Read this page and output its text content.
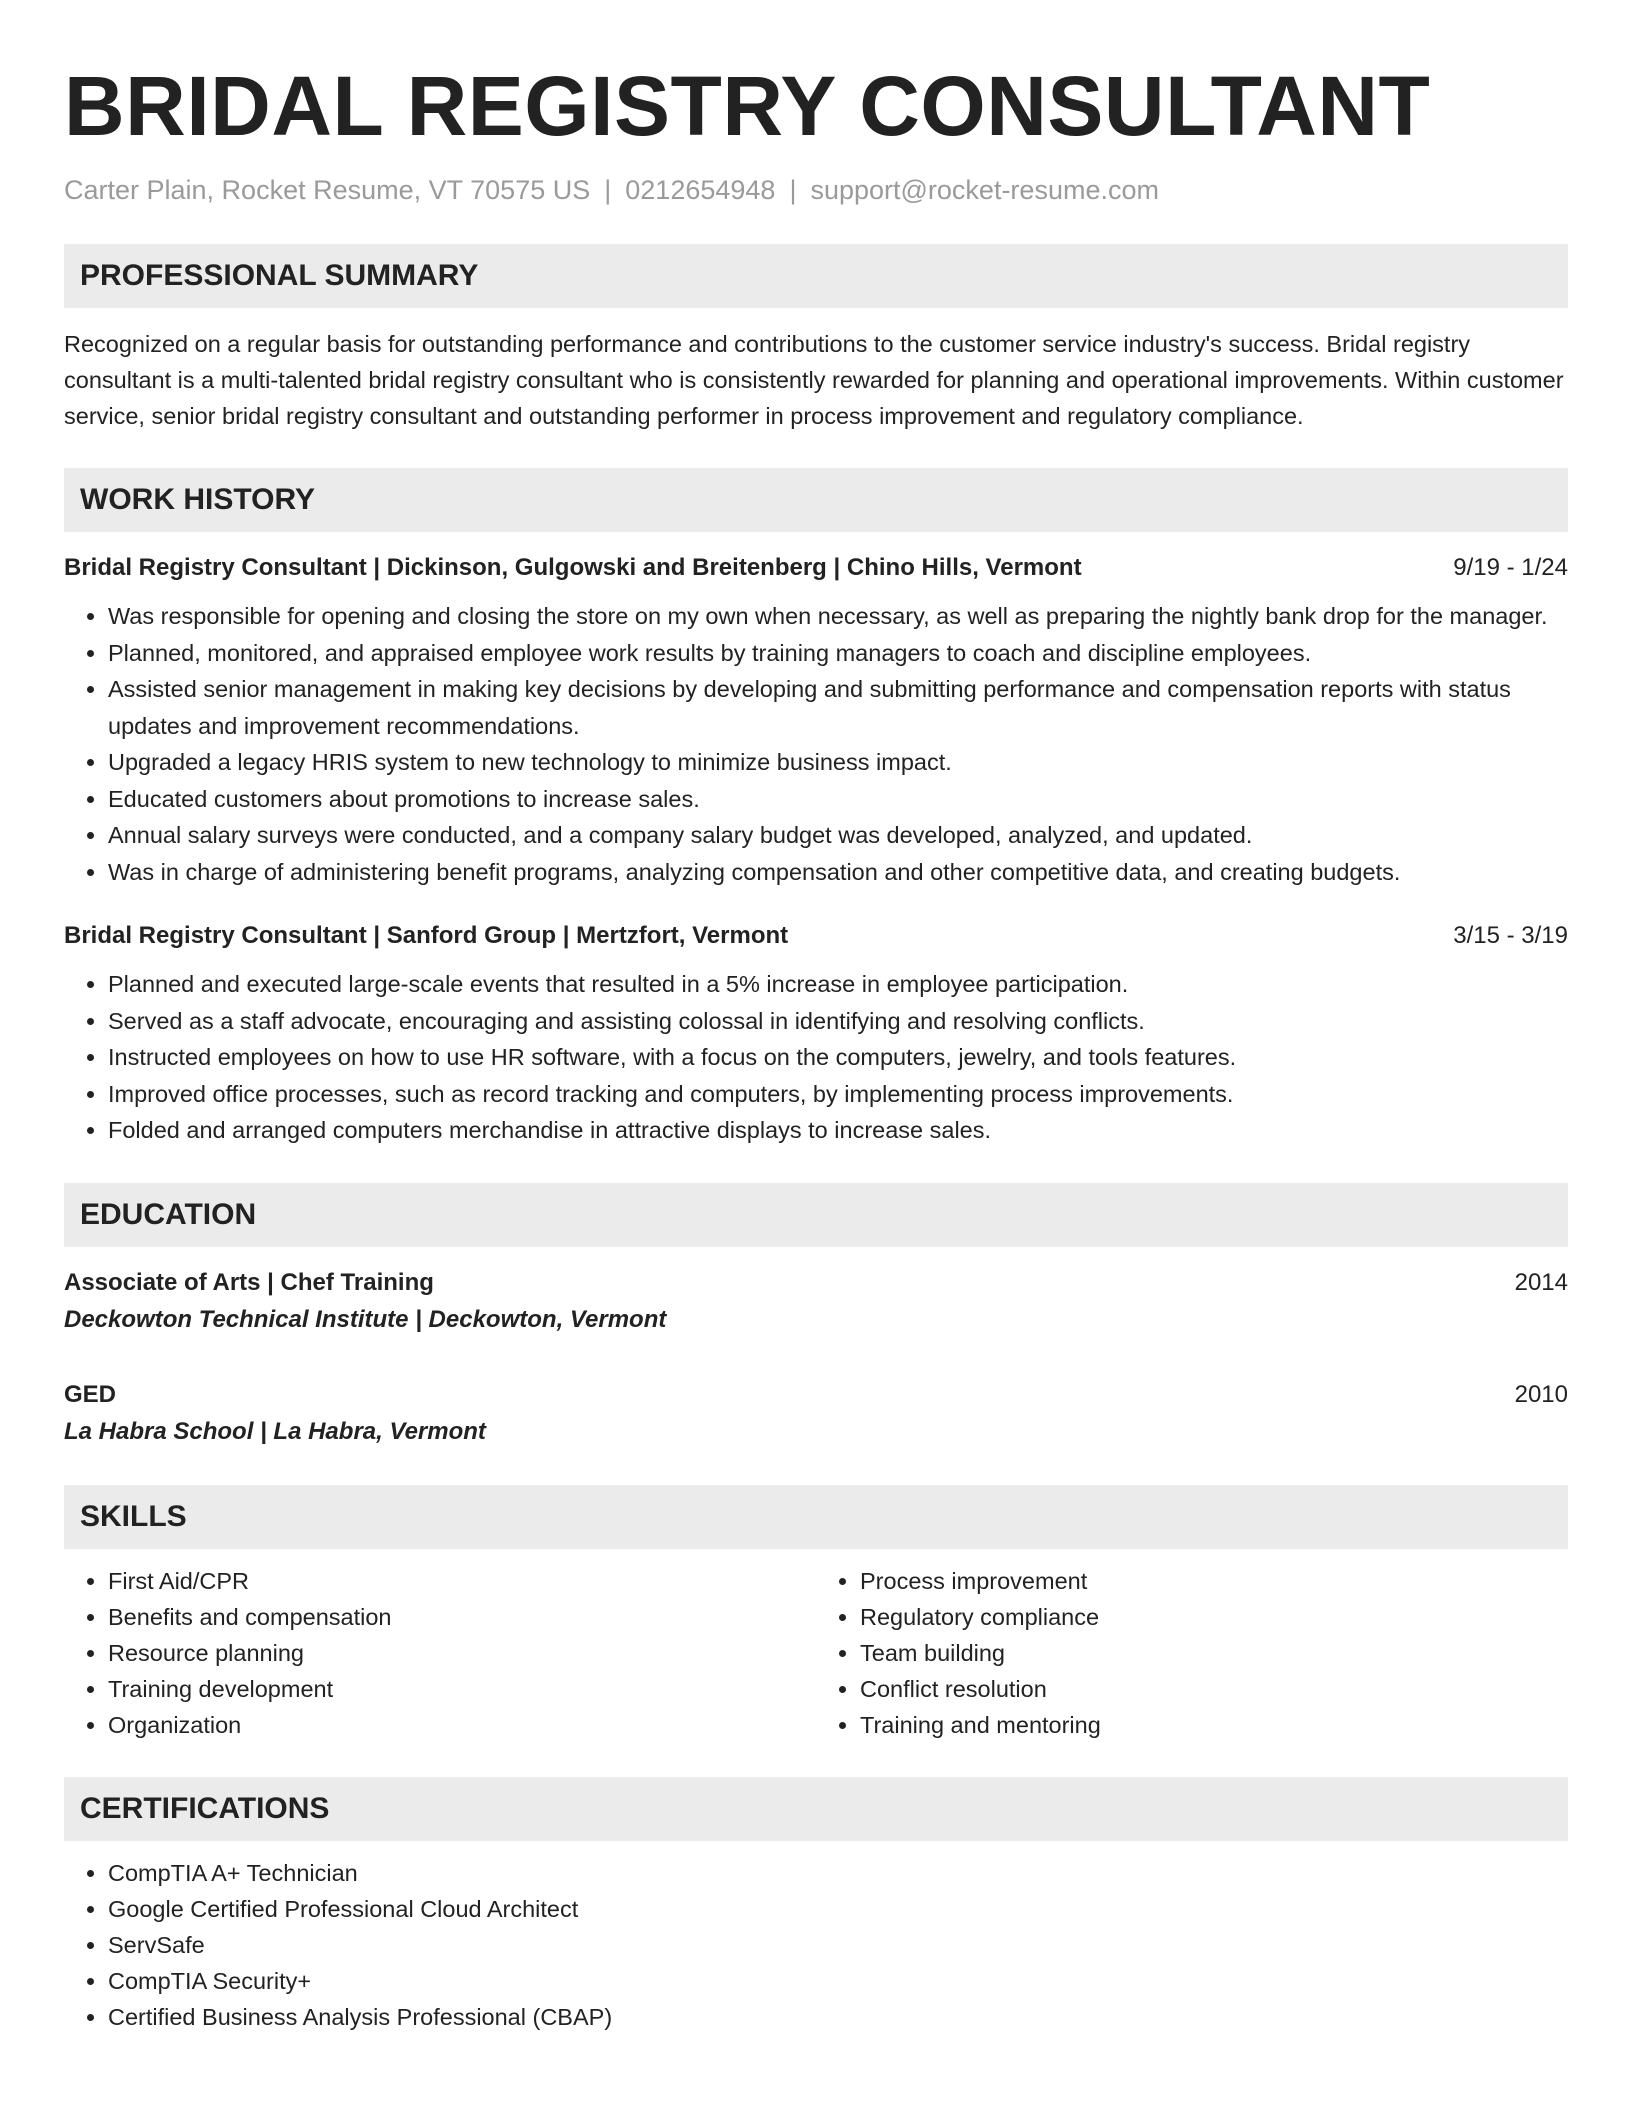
BRIDAL REGISTRY CONSULTANT
Carter Plain, Rocket Resume, VT 70575 US | 0212654948 | support@rocket-resume.com
PROFESSIONAL SUMMARY
Recognized on a regular basis for outstanding performance and contributions to the customer service industry's success. Bridal registry consultant is a multi-talented bridal registry consultant who is consistently rewarded for planning and operational improvements. Within customer service, senior bridal registry consultant and outstanding performer in process improvement and regulatory compliance.
WORK HISTORY
Bridal Registry Consultant | Dickinson, Gulgowski and Breitenberg | Chino Hills, Vermont	9/19 - 1/24
• Was responsible for opening and closing the store on my own when necessary, as well as preparing the nightly bank drop for the manager.
• Planned, monitored, and appraised employee work results by training managers to coach and discipline employees.
• Assisted senior management in making key decisions by developing and submitting performance and compensation reports with status updates and improvement recommendations.
• Upgraded a legacy HRIS system to new technology to minimize business impact.
• Educated customers about promotions to increase sales.
• Annual salary surveys were conducted, and a company salary budget was developed, analyzed, and updated.
• Was in charge of administering benefit programs, analyzing compensation and other competitive data, and creating budgets.
Bridal Registry Consultant | Sanford Group | Mertzfort, Vermont	3/15 - 3/19
• Planned and executed large-scale events that resulted in a 5% increase in employee participation.
• Served as a staff advocate, encouraging and assisting colossal in identifying and resolving conflicts.
• Instructed employees on how to use HR software, with a focus on the computers, jewelry, and tools features.
• Improved office processes, such as record tracking and computers, by implementing process improvements.
• Folded and arranged computers merchandise in attractive displays to increase sales.
EDUCATION
Associate of Arts | Chef Training	2014
Deckowton Technical Institute | Deckowton, Vermont
GED	2010
La Habra School | La Habra, Vermont
SKILLS
• First Aid/CPR
• Benefits and compensation
• Resource planning
• Training development
• Organization
• Process improvement
• Regulatory compliance
• Team building
• Conflict resolution
• Training and mentoring
CERTIFICATIONS
• CompTIA A+ Technician
• Google Certified Professional Cloud Architect
• ServSafe
• CompTIA Security+
• Certified Business Analysis Professional (CBAP)
